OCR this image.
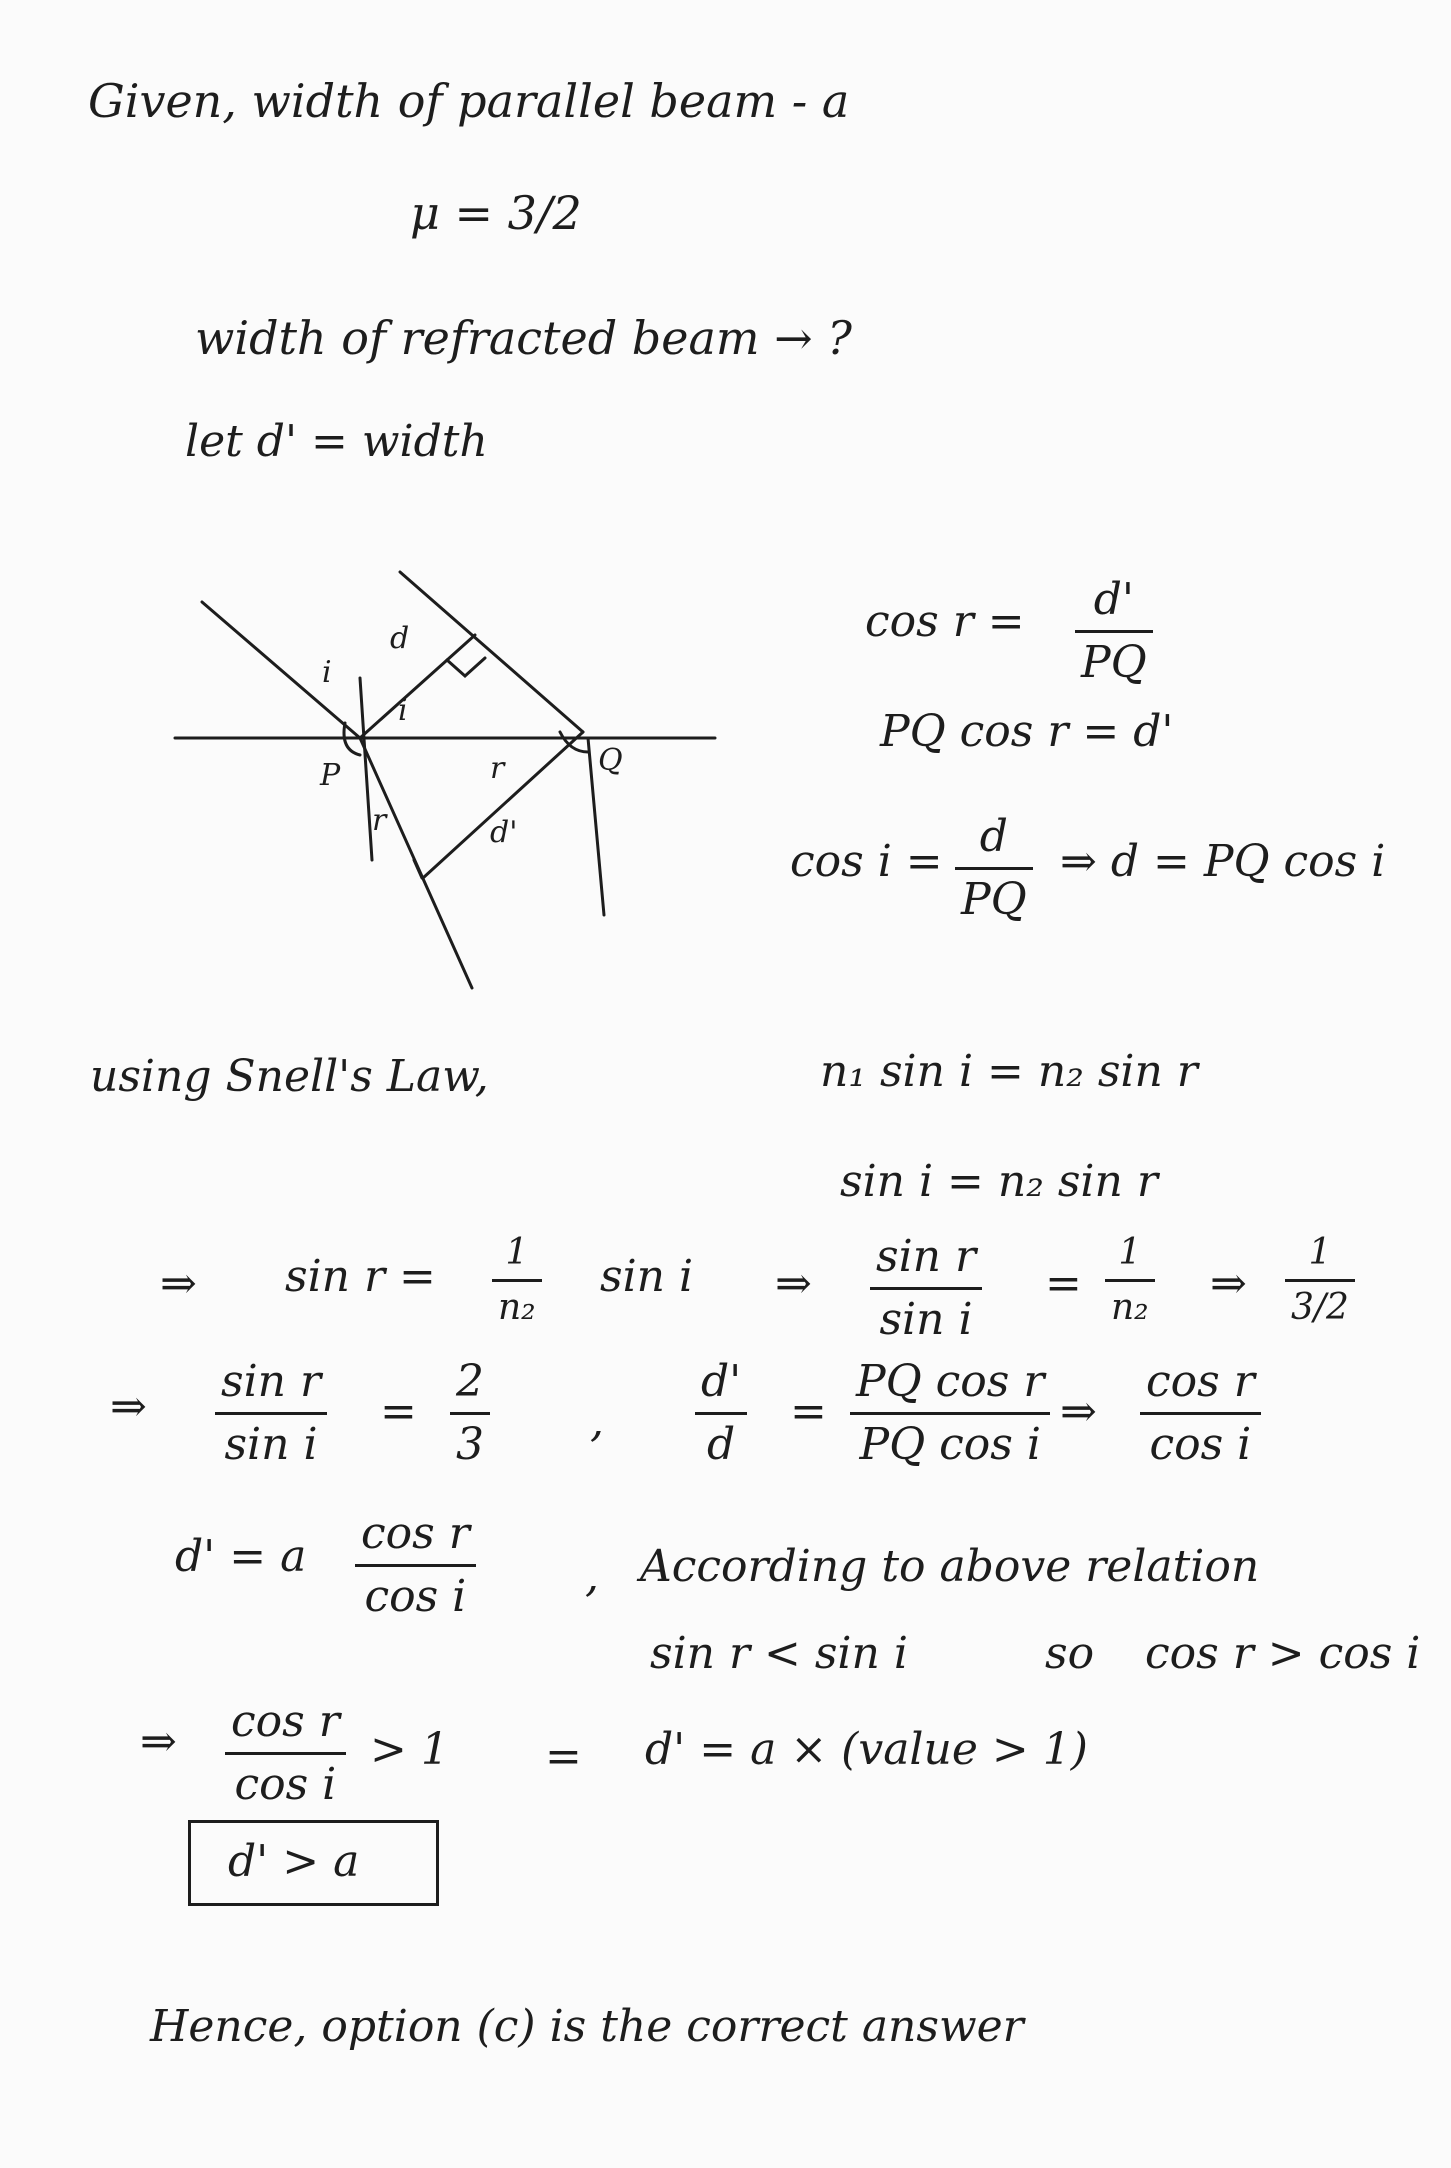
Given, width of parallel beam - a
μ = 3/2
width of refracted beam → ?
let d' = width
d
i
i
P	r	Q
r	d'
cos r = d'
PQ
PQ cos r = d'
cos i = d
PQ
⇒ d = PQ cos i
using Snell's Law,	n₁ sin i = n₂ sin r
sin i = n₂ sin r
⇒ sin r = 1
n₂
sin i ⇒
sin r
sin i
=
1
n₂ ⇒
1
3/2
⇒ sin r
sin i
=
2
3 ,
d'
d
=
PQ cos r
PQ cos i
⇒
cos r
cos i
d' = a cos r
cos i	, According to above relation
sin r < sin i	so cos r > cos i
⇒ cos r
cos i
> 1 = d' = a × (value > 1)
d' > a
Hence, option (c) is the correct answer
